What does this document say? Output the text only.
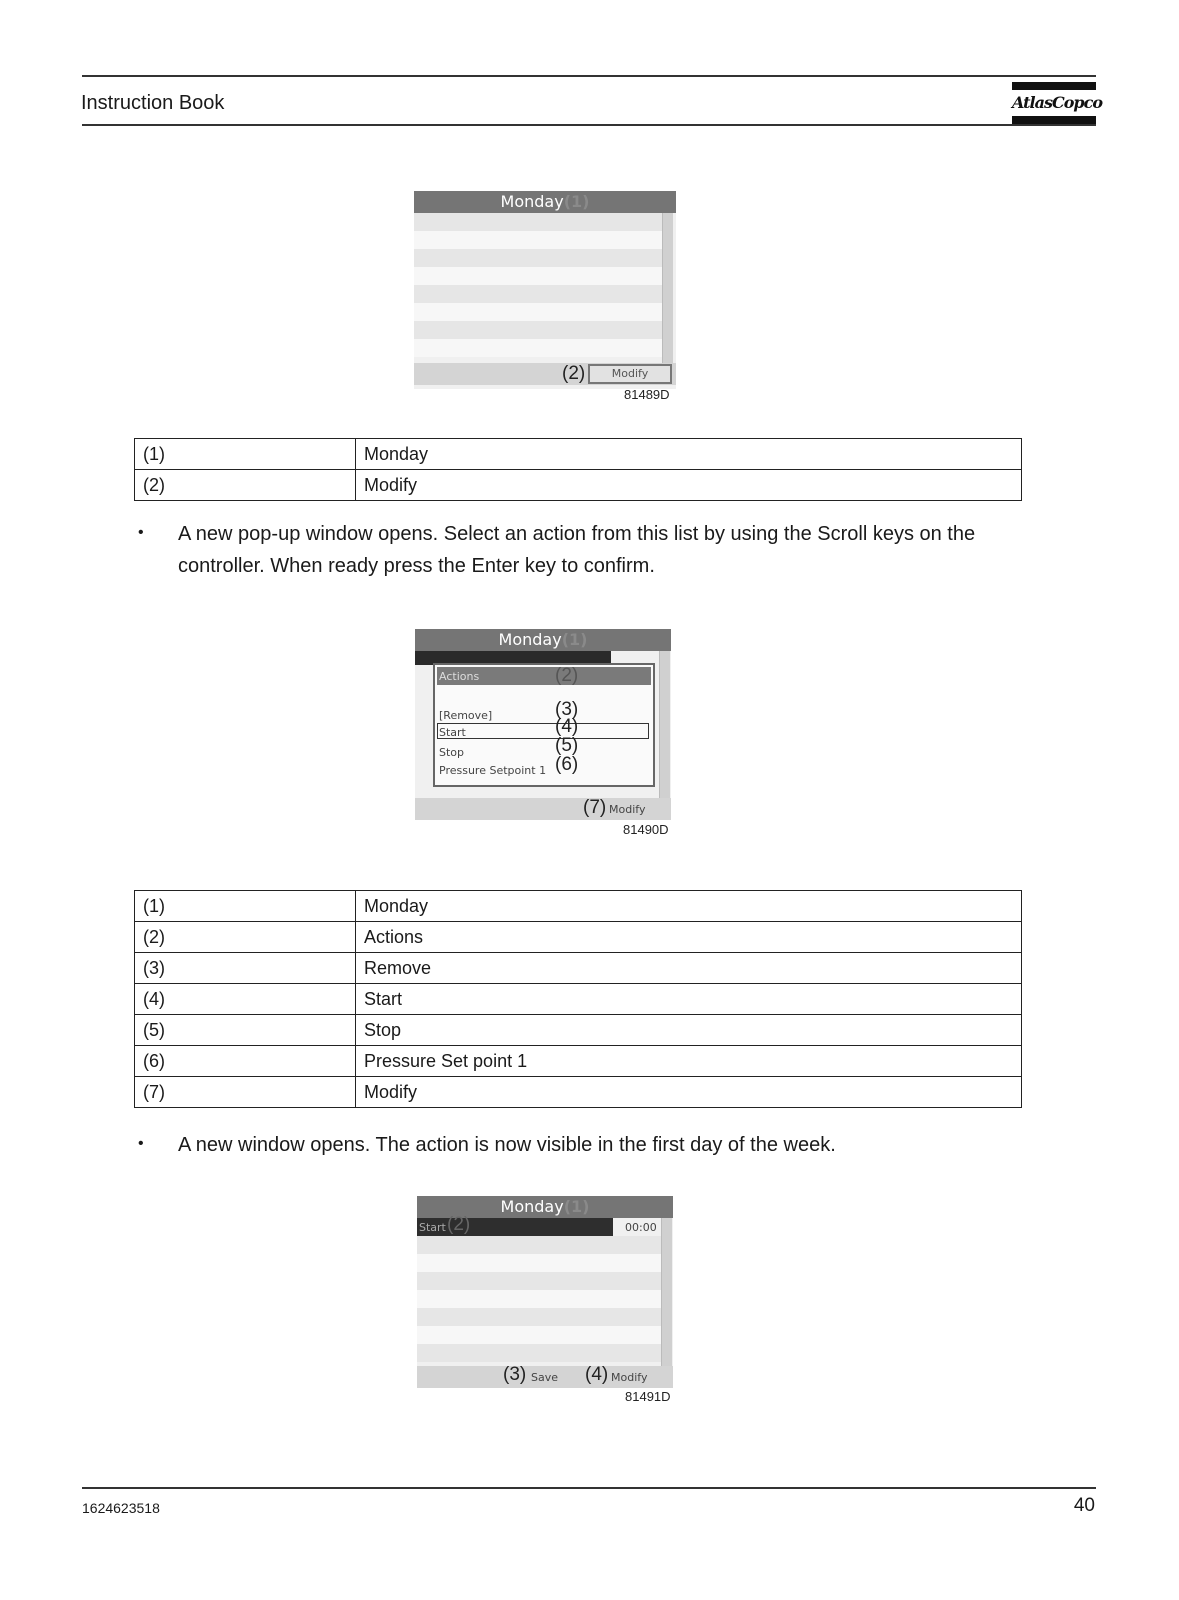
Instruction Book	AtlasCopco
Monday(1)
(2)	Modify
81489D
(1)	Monday
(2)	Modify
• A new pop-up window opens. Select an action from this list by using the Scroll keys on the controller. When ready press the Enter key to confirm.
Monday(1)
Actions	(2)
[Remove]	(3)
Start	(4)
Stop	(5)
Pressure Setpoint 1 (6)
(7) Modify
81490D
(1)	Monday
(2)	Actions
(3)	Remove
(4)	Start
(5)	Stop
(6)	Pressure Set point 1
(7)	Modify
• A new window opens. The action is now visible in the first day of the week.
Monday(1)
Start (2)	00:00
(3) Save (4) Modify
81491D
1624623518	40
